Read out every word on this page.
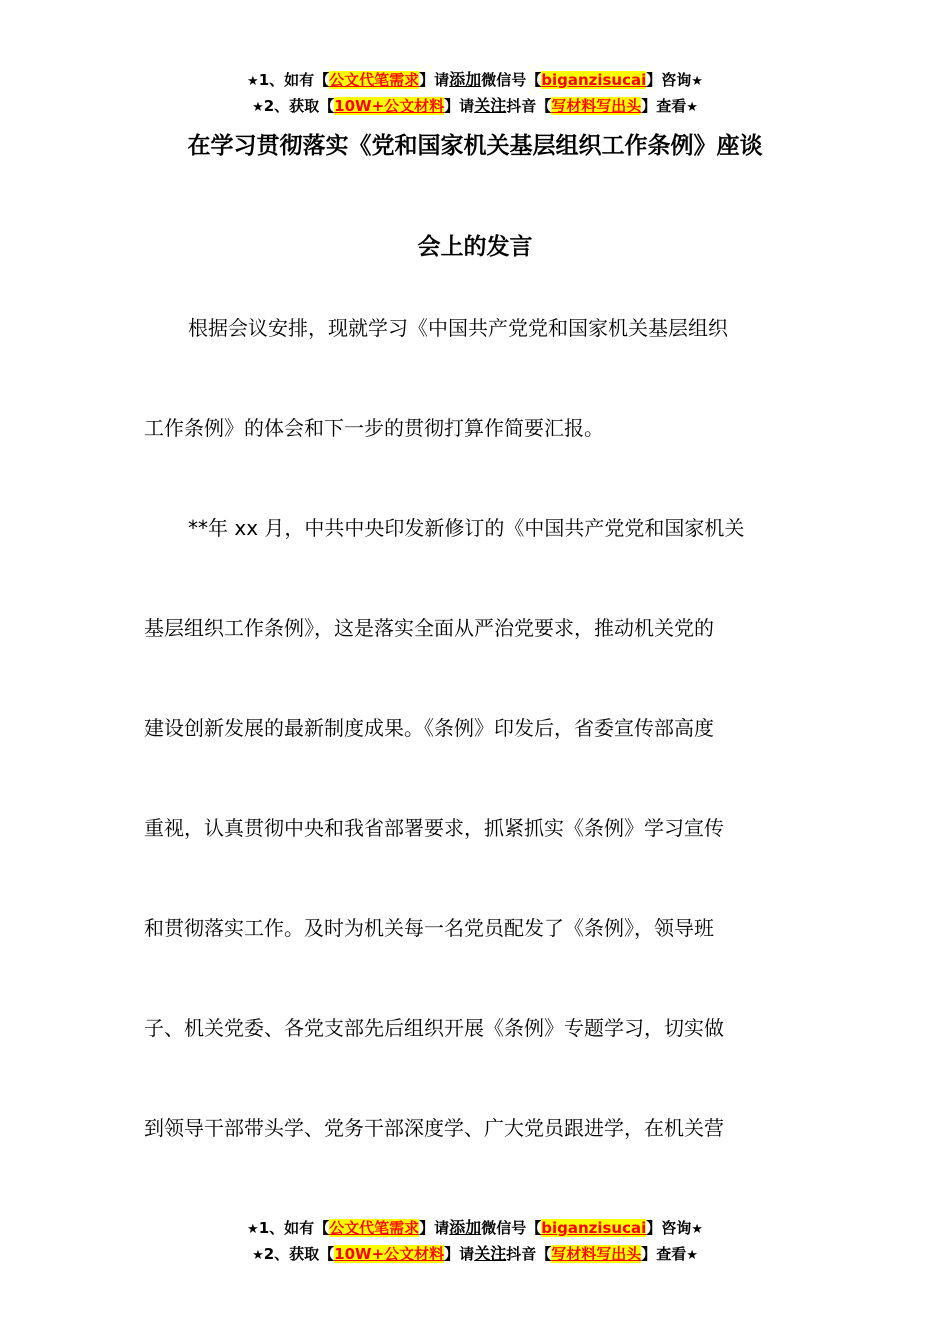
★1、如有【公文代笔需求】请添加微信号【biganzisucai】咨询★
★2、获取【10W+公文材料】请关注抖音【写材料写出头】查看★
在学习贯彻落实《党和国家机关基层组织工作条例》座谈
会上的发言
根据会议安排，现就学习《中国共产党党和国家机关基层组织
工作条例》的体会和下一步的贯彻打算作简要汇报。
**年 xx 月，中共中央印发新修订的《中国共产党党和国家机关
基层组织工作条例》，这是落实全面从严治党要求，推动机关党的
建设创新发展的最新制度成果。《条例》印发后，省委宣传部高度
重视，认真贯彻中央和我省部署要求，抓紧抓实《条例》学习宣传
和贯彻落实工作。及时为机关每一名党员配发了《条例》，领导班
子、机关党委、各党支部先后组织开展《条例》专题学习，切实做
到领导干部带头学、党务干部深度学、广大党员跟进学，在机关营
★1、如有【公文代笔需求】请添加微信号【biganzisucai】咨询★
★2、获取【10W+公文材料】请关注抖音【写材料写出头】查看★
